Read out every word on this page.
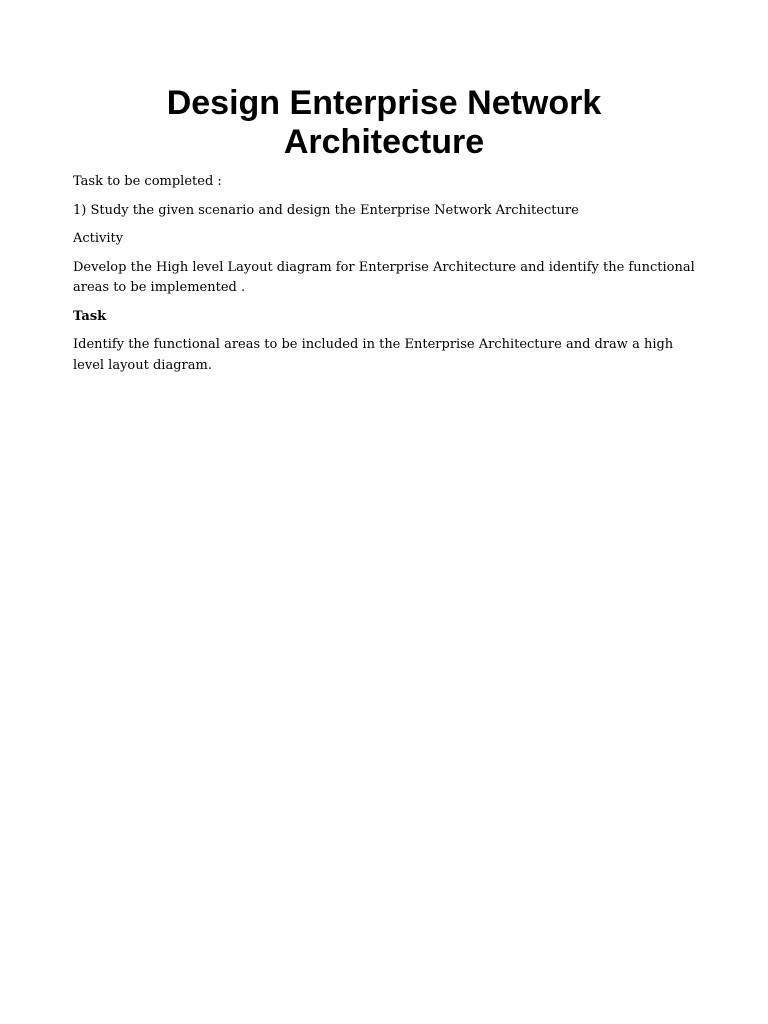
Design Enterprise Network Architecture

Task to be completed :

1) Study the given scenario and design the Enterprise Network Architecture

Activity

Develop the High level Layout diagram for Enterprise Architecture and identify the functional areas to be implemented .

Task

Identify the functional areas to be included in the Enterprise Architecture and draw a high level layout diagram.
